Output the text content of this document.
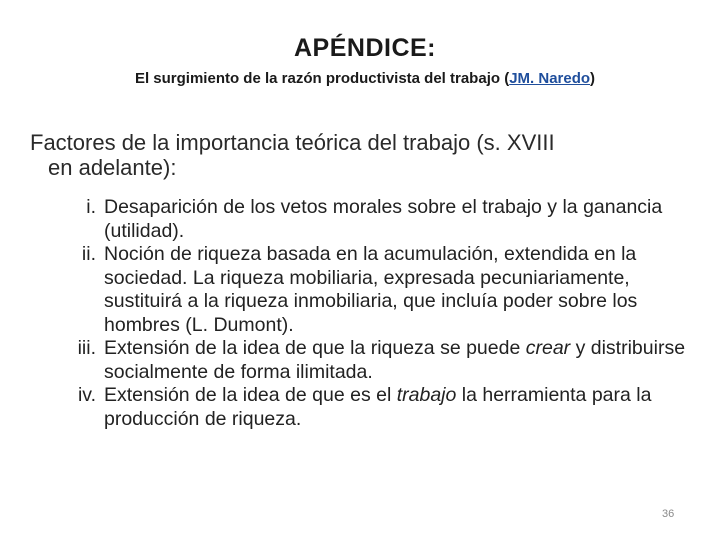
APÉNDICE:
El surgimiento de la razón productivista del trabajo (JM. Naredo)
Factores de la importancia teórica del trabajo (s. XVIII
en adelante):
i. Desaparición de los vetos morales sobre el trabajo y la ganancia (utilidad).
ii. Noción de riqueza basada en la acumulación, extendida en la sociedad. La riqueza mobiliaria, expresada pecuniariamente, sustituirá a la riqueza inmobiliaria, que incluía poder sobre los hombres (L. Dumont).
iii. Extensión de la idea de que la riqueza se puede crear y distribuirse socialmente de forma ilimitada.
iv. Extensión de la idea de que es el trabajo la herramienta para la producción de riqueza.
36
